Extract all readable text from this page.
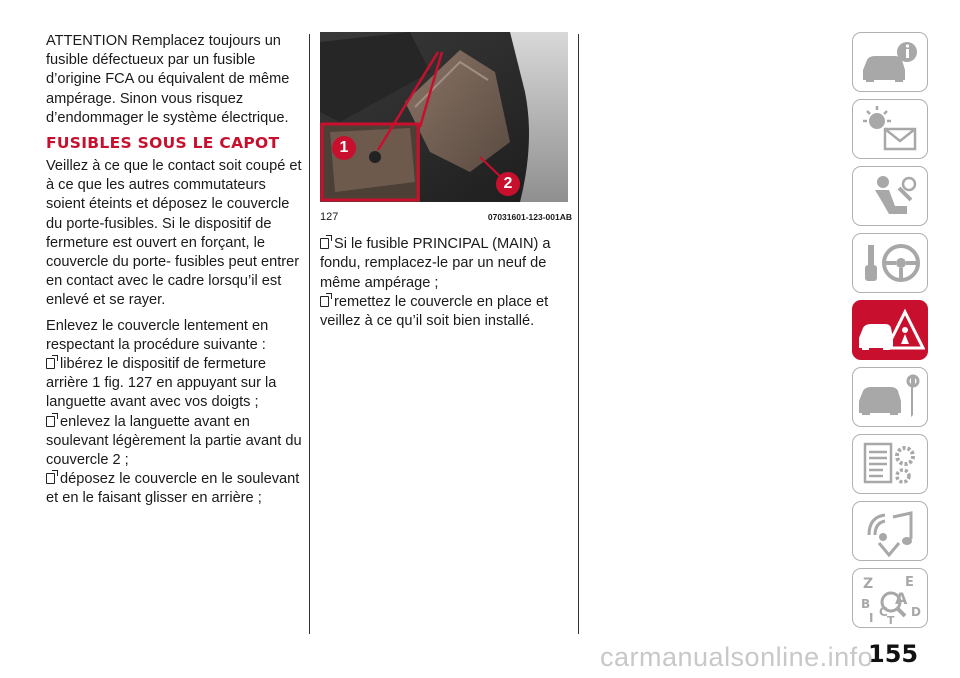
ATTENTION Remplacez toujours un fusible défectueux par un fusible d’origine FCA ou équivalent de même ampérage. Sinon vous risquez d’endommager le système électrique.

FUSIBLES SOUS LE CAPOT

Veillez à ce que le contact soit coupé et à ce que les autres commutateurs soient éteints et déposez le couvercle du porte-fusibles. Si le dispositif de fermeture est ouvert en forçant, le couvercle du porte- fusibles peut entrer en contact avec le cadre lorsqu’il est enlevé et se rayer.

Enlevez le couvercle lentement en respectant la procédure suivante :

libérez le dispositif de fermeture arrière 1 fig. 127 en appuyant sur la languette avant avec vos doigts ;
enlevez la languette avant en soulevant légèrement la partie avant du couvercle 2 ;
déposez le couvercle en le soulevant et en le faisant glisser en arrière ;
1
2
127	07031601-123-001AB
Si le fusible PRINCIPAL (MAIN) a fondu, remplacez-le par un neuf de même ampérage ;
remettez le couvercle en place et veillez à ce qu’il soit bien installé.
Z E
B A
C D
I T
155
carmanualsonline.info
